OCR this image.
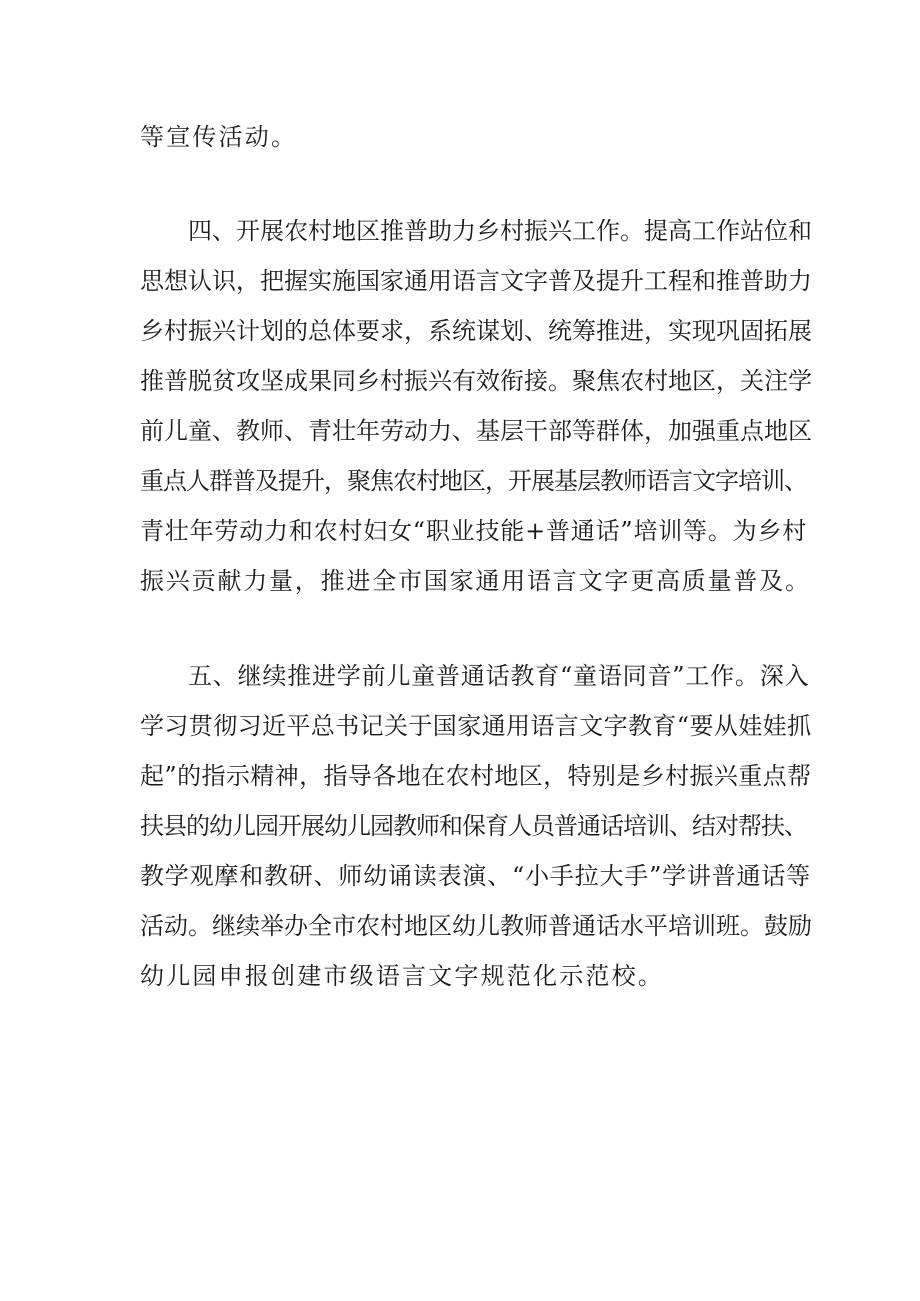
等宣传活动。
四、开展农村地区推普助力乡村振兴工作。提高工作站位和
思想认识，把握实施国家通用语言文字普及提升工程和推普助力
乡村振兴计划的总体要求，系统谋划、统筹推进，实现巩固拓展
推普脱贫攻坚成果同乡村振兴有效衔接。聚焦农村地区，关注学
前儿童、教师、青壮年劳动力、基层干部等群体，加强重点地区
重点人群普及提升，聚焦农村地区，开展基层教师语言文字培训、
青壮年劳动力和农村妇女“职业技能+普通话”培训等。为乡村
振兴贡献力量，推进全市国家通用语言文字更高质量普及。
五、继续推进学前儿童普通话教育“童语同音”工作。深入
学习贯彻习近平总书记关于国家通用语言文字教育“要从娃娃抓
起”的指示精神，指导各地在农村地区，特别是乡村振兴重点帮
扶县的幼儿园开展幼儿园教师和保育人员普通话培训、结对帮扶、
教学观摩和教研、师幼诵读表演、“小手拉大手”学讲普通话等
活动。继续举办全市农村地区幼儿教师普通话水平培训班。鼓励
幼儿园申报创建市级语言文字规范化示范校。
